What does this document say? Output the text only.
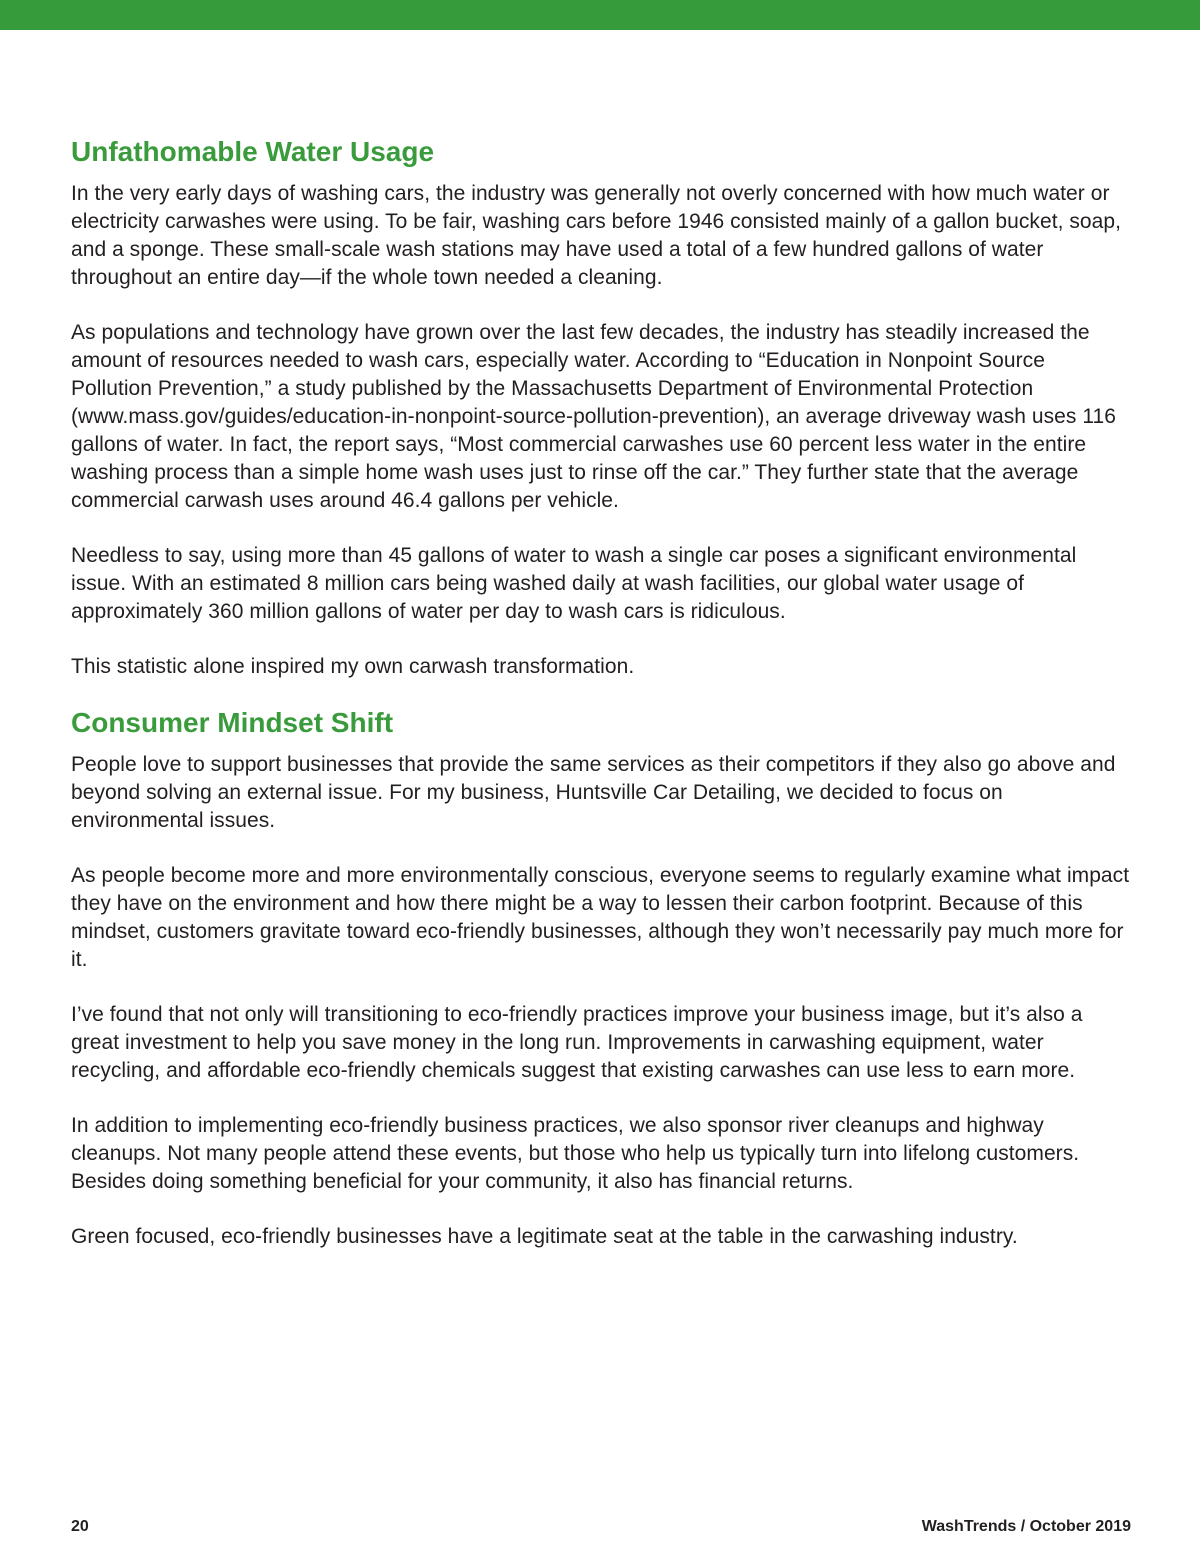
Unfathomable Water Usage

In the very early days of washing cars, the industry was generally not overly concerned with how much water or electricity carwashes were using. To be fair, washing cars before 1946 consisted mainly of a gallon bucket, soap, and a sponge. These small-scale wash stations may have used a total of a few hundred gallons of water throughout an entire day—if the whole town needed a cleaning.

As populations and technology have grown over the last few decades, the industry has steadily increased the amount of resources needed to wash cars, especially water. According to “Education in Nonpoint Source Pollution Prevention,” a study published by the Massachusetts Department of Environmental Protection (www.mass.gov/guides/education-in-nonpoint-source-pollution-prevention), an average driveway wash uses 116 gallons of water. In fact, the report says, “Most commercial carwashes use 60 percent less water in the entire washing process than a simple home wash uses just to rinse off the car.” They further state that the average commercial carwash uses around 46.4 gallons per vehicle.

Needless to say, using more than 45 gallons of water to wash a single car poses a significant environmental issue. With an estimated 8 million cars being washed daily at wash facilities, our global water usage of approximately 360 million gallons of water per day to wash cars is ridiculous.

This statistic alone inspired my own carwash transformation.

Consumer Mindset Shift

People love to support businesses that provide the same services as their competitors if they also go above and beyond solving an external issue. For my business, Huntsville Car Detailing, we decided to focus on environmental issues.

As people become more and more environmentally conscious, everyone seems to regularly examine what impact they have on the environment and how there might be a way to lessen their carbon footprint. Because of this mindset, customers gravitate toward eco-friendly businesses, although they won’t necessarily pay much more for it.

I’ve found that not only will transitioning to eco-friendly practices improve your business image, but it’s also a great investment to help you save money in the long run. Improvements in carwashing equipment, water recycling, and affordable eco-friendly chemicals suggest that existing carwashes can use less to earn more.

In addition to implementing eco-friendly business practices, we also sponsor river cleanups and highway cleanups. Not many people attend these events, but those who help us typically turn into lifelong customers. Besides doing something beneficial for your community, it also has financial returns.

Green focused, eco-friendly businesses have a legitimate seat at the table in the carwashing industry.

20	WashTrends / October 2019
